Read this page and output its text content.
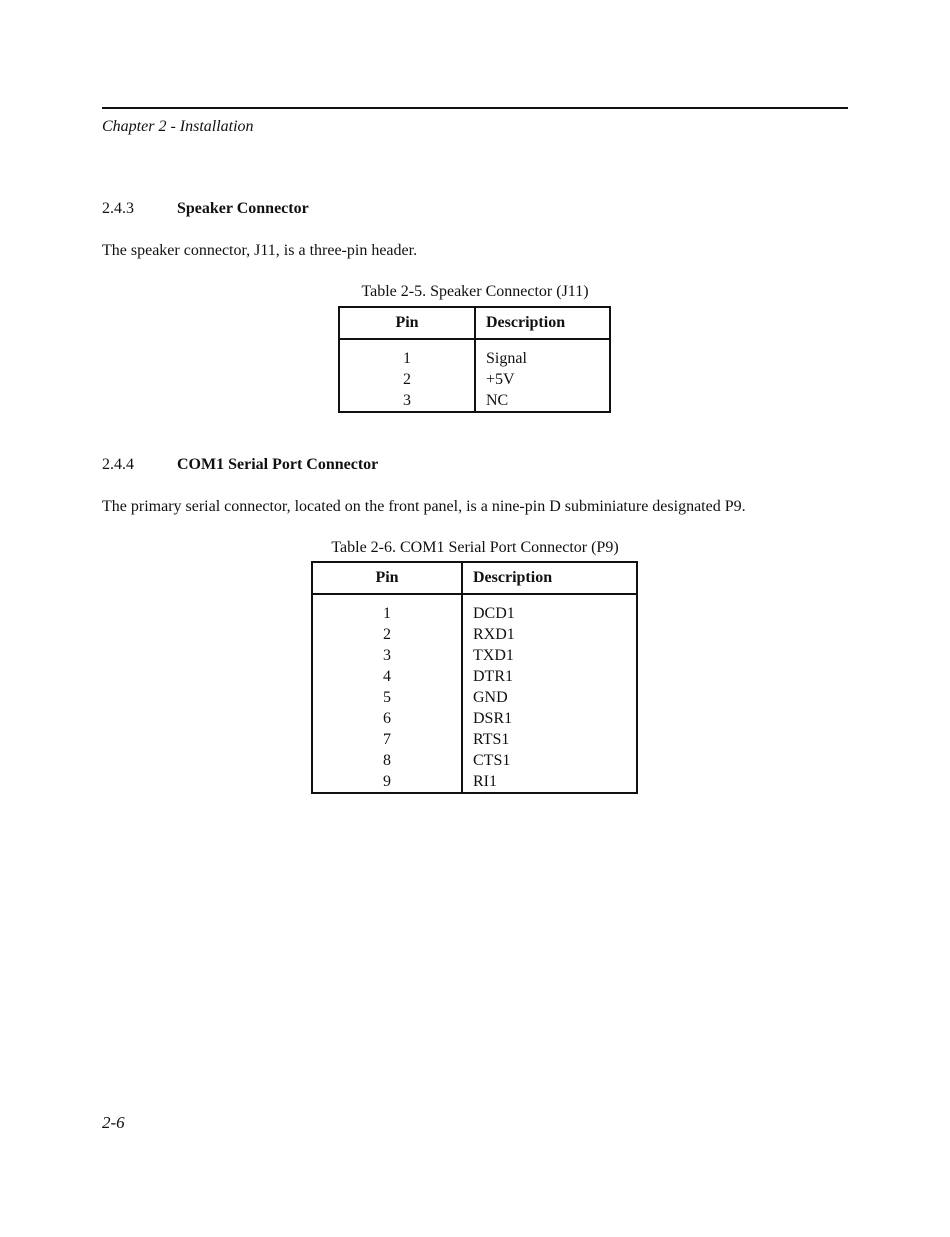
Chapter 2 - Installation
2.4.3	Speaker Connector
The speaker connector, J11, is a three-pin header.
Table 2-5. Speaker Connector (J11)
Pin	Description
1	Signal
2	+5V
3	NC
2.4.4	COM1 Serial Port Connector
The primary serial connector, located on the front panel, is a nine-pin D subminiature designated P9.
Table 2-6. COM1 Serial Port Connector (P9)
Pin	Description
1	DCD1
2	RXD1
3	TXD1
4	DTR1
5	GND
6	DSR1
7	RTS1
8	CTS1
9	RI1
2-6
